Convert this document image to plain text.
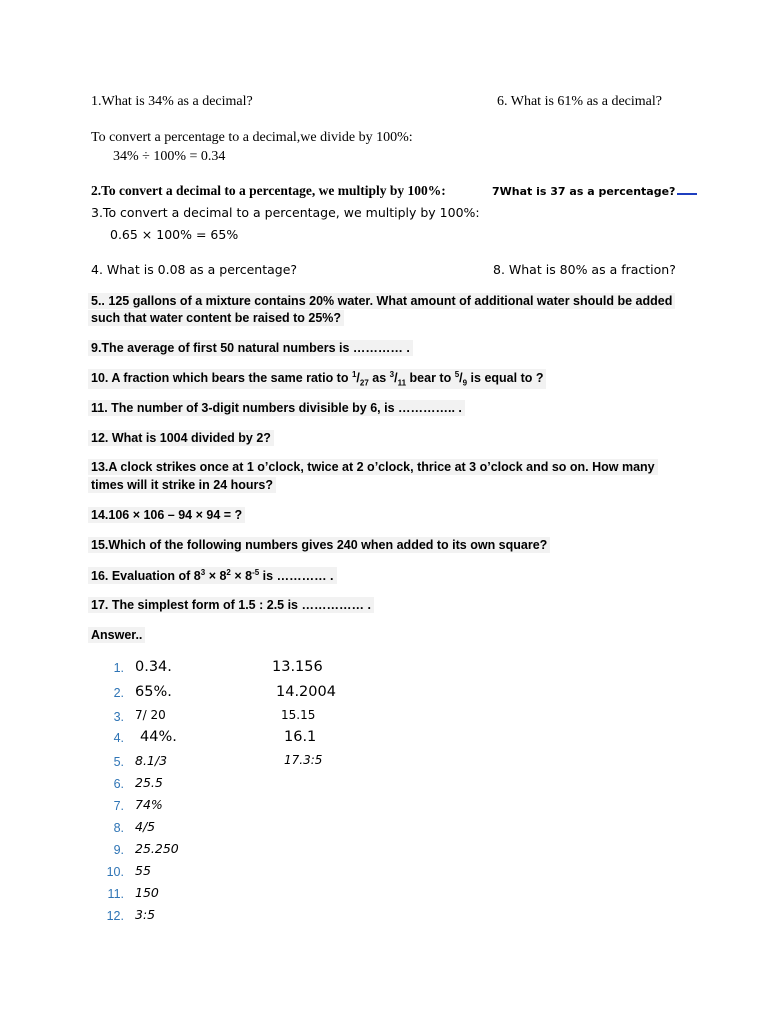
1.What is 34% as a decimal?	6. What is 61% as a decimal?
To convert a percentage to a decimal,we divide by 100%:
34% ÷ 100% = 0.34
2.To convert a decimal to a percentage, we multiply by 100%:	7What is 37 as a percentage?
3.To convert a decimal to a percentage, we multiply by 100%:
0.65 × 100% = 65%
4. What is 0.08 as a percentage?	8. What is 80% as a fraction?
5.. 125 gallons of a mixture contains 20% water. What amount of additional water should be added
such that water content be raised to 25%?
9.The average of first 50 natural numbers is ………… .
10. A fraction which bears the same ratio to $^1/_{27}$ as $^3/_{11}$ bear to $^5/_9$ is equal to ?
11. The number of 3-digit numbers divisible by 6, is ………….. .
12. What is 1004 divided by 2?
13.A clock strikes once at 1 o’clock, twice at 2 o’clock, thrice at 3 o’clock and so on. How many
times will it strike in 24 hours?
14.106 × 106 – 94 × 94 = ?
15.Which of the following numbers gives 240 when added to its own square?
16. Evaluation of $8^3 \times 8^2 \times 8^{-5}$ is ………… .
17. The simplest form of 1.5 : 2.5 is …………… .
Answer..
1. 0.34.
2. 65%.
3. 7/ 20
4. 44%.
5. 8.1/3
6. 25.5
7. 74%
8. 4/5
9. 25.250
10. 55
11. 150
12. 3:5
13.156
14.2004
15.15
16.1
17.3:5
